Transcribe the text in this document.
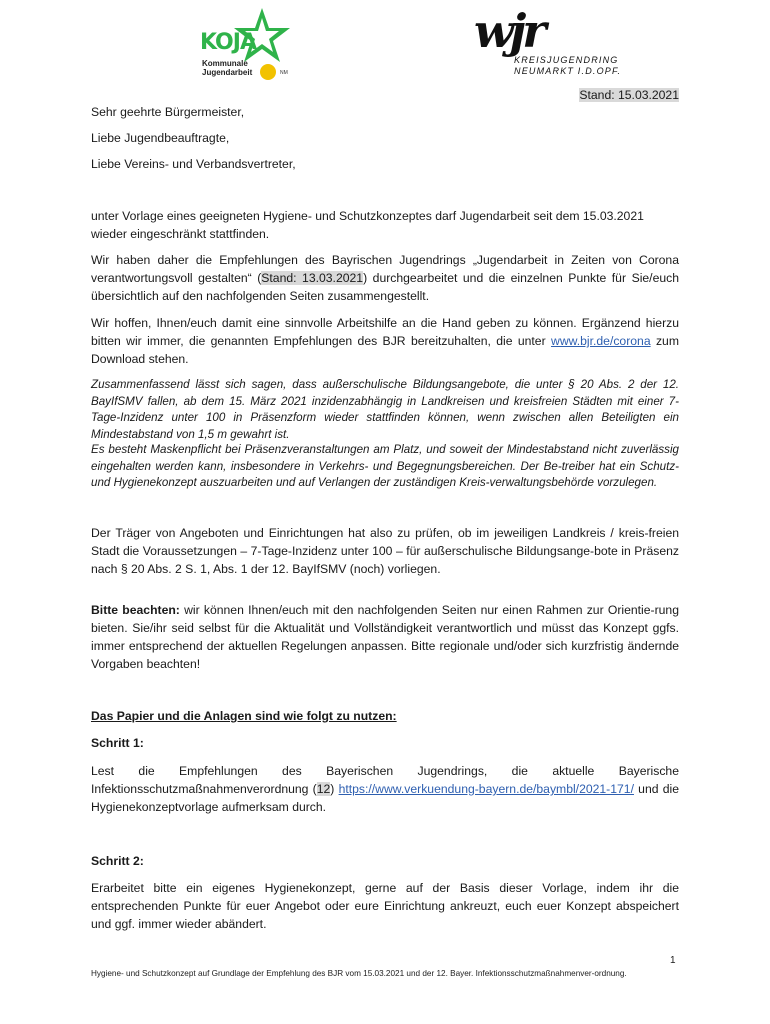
KOJA
Kommunale
Jugendarbeit	NM
wjr
KREISJUGENDRING
NEUMARKT I.D.OPF.
Stand: 15.03.2021

Sehr geehrte Bürgermeister,

Liebe Jugendbeauftragte,

Liebe Vereins- und Verbandsvertreter,

unter Vorlage eines geeigneten Hygiene- und Schutzkonzeptes darf Jugendarbeit seit dem 15.03.2021 wieder eingeschränkt stattfinden.

Wir haben daher die Empfehlungen des Bayrischen Jugendrings „Jugendarbeit in Zeiten von Corona verantwortungsvoll gestalten“ (Stand: 13.03.2021) durchgearbeitet und die einzelnen Punkte für Sie/euch übersichtlich auf den nachfolgenden Seiten zusammengestellt.

Wir hoffen, Ihnen/euch damit eine sinnvolle Arbeitshilfe an die Hand geben zu können. Ergänzend hierzu bitten wir immer, die genannten Empfehlungen des BJR bereitzuhalten, die unter www.bjr.de/corona zum Download stehen.

Zusammenfassend lässt sich sagen, dass außerschulische Bildungsangebote, die unter § 20 Abs. 2 der 12. BayIfSMV fallen, ab dem 15. März 2021 inzidenzabhängig in Landkreisen und kreisfreien Städten mit einer 7-Tage-Inzidenz unter 100 in Präsenzform wieder stattfinden können, wenn zwischen allen Beteiligten ein Mindestabstand von 1,5 m gewahrt ist.

Es besteht Maskenpflicht bei Präsenzveranstaltungen am Platz, und soweit der Mindestabstand nicht zuverlässig eingehalten werden kann, insbesondere in Verkehrs- und Begegnungsbereichen. Der Be-treiber hat ein Schutz- und Hygienekonzept auszuarbeiten und auf Verlangen der zuständigen Kreis-verwaltungsbehörde vorzulegen.

Der Träger von Angeboten und Einrichtungen hat also zu prüfen, ob im jeweiligen Landkreis / kreis-freien Stadt die Voraussetzungen – 7-Tage-Inzidenz unter 100 – für außerschulische Bildungsange-bote in Präsenz nach § 20 Abs. 2 S. 1, Abs. 1 der 12. BayIfSMV (noch) vorliegen.

Bitte beachten: wir können Ihnen/euch mit den nachfolgenden Seiten nur einen Rahmen zur Orientie-rung bieten. Sie/ihr seid selbst für die Aktualität und Vollständigkeit verantwortlich und müsst das Konzept ggfs. immer entsprechend der aktuellen Regelungen anpassen. Bitte regionale und/oder sich kurzfristig ändernde Vorgaben beachten!

Das Papier und die Anlagen sind wie folgt zu nutzen:

Schritt 1:

Lest die Empfehlungen des Bayerischen Jugendrings, die aktuelle Bayerische Infektionsschutzmaßnahmenverordnung (12) https://www.verkuendung-bayern.de/baymbl/2021-171/ und die Hygienekonzeptvorlage aufmerksam durch.

Schritt 2:

Erarbeitet bitte ein eigenes Hygienekonzept, gerne auf der Basis dieser Vorlage, indem ihr die entsprechenden Punkte für euer Angebot oder eure Einrichtung ankreuzt, euch euer Konzept abspeichert und ggf. immer wieder abändert.

1

Hygiene- und Schutzkonzept auf Grundlage der Empfehlung des BJR vom 15.03.2021 und der 12. Bayer. Infektionsschutzmaßnahmenver-ordnung.
